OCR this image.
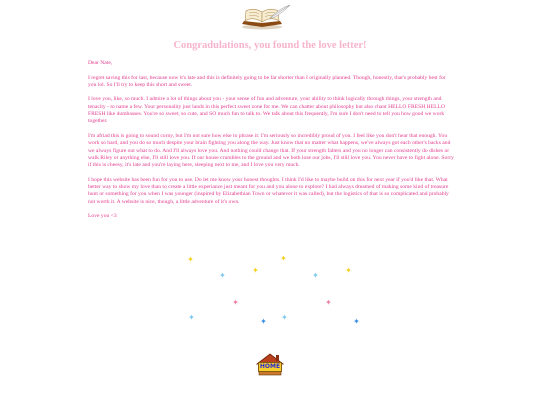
Congradulations, you found the love letter!

Dear Nate,

I regret saving this for last, because now it's late and this is definitely going to be far shorter than I originally planned. Though, honestly, that's probably best for you lol. So I'll try to keep this short and sweet.

I love you, like, so much. I admire a lot of things about you - your sense of fun and adventure, your ability to think logically through things, your strength and tenacity - to name a few. Your personality just lands in this perfect sweet zone for me. We can chatter about philosophy but also chant HELLO FRESH HELLO FRESH like dumbasses. You're so sweet, so cute, and SO much fun to talk to. We talk about this frequently, I'm sure I don't need to tell you how good we work together.

I'm afriad this is going to sound corny, but I'm not sure how else to phrase it: I'm seriously so incredibly proud of you. I feel like you don't hear that enough. You work so hard, and you do so much despite your brain fighting you along the way. Just know that no matter what happens, we've always got each other's backs and we always figure out what to do. And I'll always love you. And nothing could change that. If your strength falters and you no longer can consistently do dishes or walk Riley or anything else, I'll still love you. If our house crumbles to the ground and we both lose our jobs, I'll still love you. You never have to fight alone. Sorry if this is cheesy, it's late and you're laying here, sleeping next to me, and I love you very much.

I hope this website has been fun for you to use. Do let me know your honest thoughts. I think I'd like to maybe build on this for next year if you'd like that. What better way to show my love than to create a little experiance just meant for you and you alone to explore? I had always dreamed of making some kind of treasure hunt or something for you when I was younger (inspired by Elizabethian Town or whatever it was called), but the logistics of that is so complicated and probably not worth it. A website is nice, though, a little adventure of it's own.

Love you <3

✦
✦
✦
✦
✦	✦
✦	✦
✦	✦ ✦	✦
HOME
